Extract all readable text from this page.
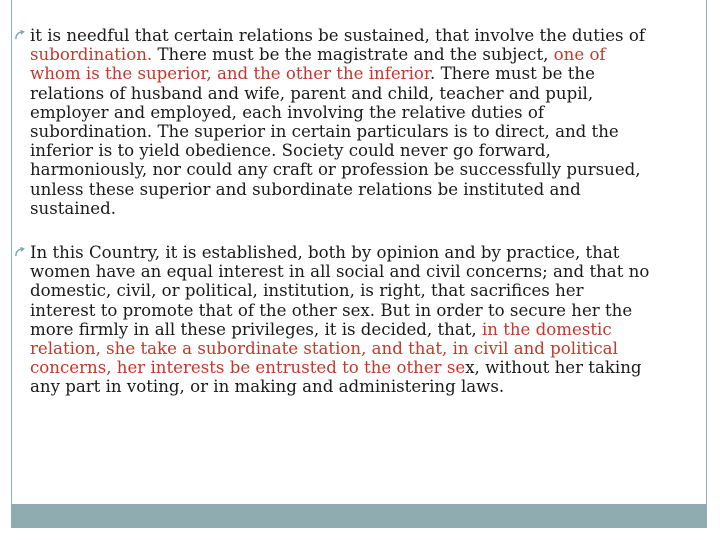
it is needful that certain relations be sustained, that involve the duties of subordination. There must be the magistrate and the subject, one of whom is the superior, and the other the inferior. There must be the relations of husband and wife, parent and child, teacher and pupil, employer and employed, each involving the relative duties of subordination. The superior in certain particulars is to direct, and the inferior is to yield obedience. Society could never go forward, harmoniously, nor could any craft or profession be successfully pursued, unless these superior and subordinate relations be instituted and sustained.
In this Country, it is established, both by opinion and by practice, that women have an equal interest in all social and civil concerns; and that no domestic, civil, or political, institution, is right, that sacrifices her interest to promote that of the other sex. But in order to secure her the more firmly in all these privileges, it is decided, that, in the domestic relation, she take a subordinate station, and that, in civil and political concerns, her interests be entrusted to the other sex, without her taking any part in voting, or in making and administering laws.
